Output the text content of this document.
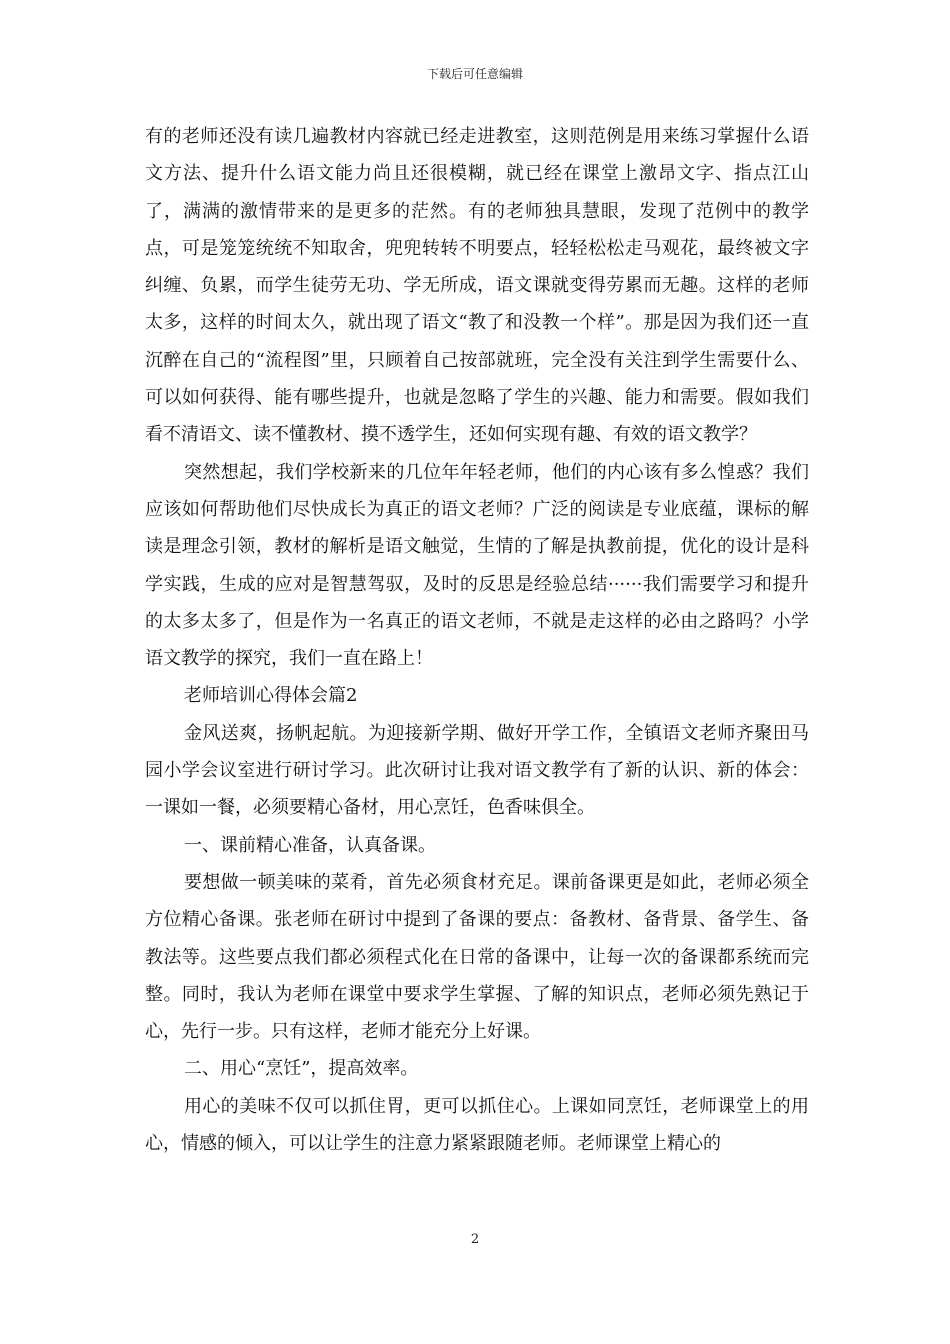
下载后可任意编辑

有的老师还没有读几遍教材内容就已经走进教室，这则范例是用来练习掌握什么语文方法、提升什么语文能力尚且还很模糊，就已经在课堂上激昂文字、指点江山了，满满的激情带来的是更多的茫然。有的老师独具慧眼，发现了范例中的教学点，可是笼笼统统不知取舍，兜兜转转不明要点，轻轻松松走马观花，最终被文字纠缠、负累，而学生徒劳无功、学无所成，语文课就变得劳累而无趣。这样的老师太多，这样的时间太久，就出现了语文“教了和没教一个样”。那是因为我们还一直沉醉在自己的“流程图”里，只顾着自己按部就班，完全没有关注到学生需要什么、可以如何获得、能有哪些提升，也就是忽略了学生的兴趣、能力和需要。假如我们看不清语文、读不懂教材、摸不透学生，还如何实现有趣、有效的语文教学？

突然想起，我们学校新来的几位年年轻老师，他们的内心该有多么惶惑？我们应该如何帮助他们尽快成长为真正的语文老师？广泛的阅读是专业底蕴，课标的解读是理念引领，教材的解析是语文触觉，生情的了解是执教前提，优化的设计是科学实践，生成的应对是智慧驾驭，及时的反思是经验总结······我们需要学习和提升的太多太多了，但是作为一名真正的语文老师，不就是走这样的必由之路吗？小学语文教学的探究，我们一直在路上！

老师培训心得体会篇2

金风送爽，扬帆起航。为迎接新学期、做好开学工作，全镇语文老师齐聚田马园小学会议室进行研讨学习。此次研讨让我对语文教学有了新的认识、新的体会：一课如一餐，必须要精心备材，用心烹饪，色香味俱全。

一、课前精心准备，认真备课。

要想做一顿美味的菜肴，首先必须食材充足。课前备课更是如此，老师必须全方位精心备课。张老师在研讨中提到了备课的要点：备教材、备背景、备学生、备教法等。这些要点我们都必须程式化在日常的备课中，让每一次的备课都系统而完整。同时，我认为老师在课堂中要求学生掌握、了解的知识点，老师必须先熟记于心，先行一步。只有这样，老师才能充分上好课。

二、用心“烹饪”，提高效率。

用心的美味不仅可以抓住胃，更可以抓住心。上课如同烹饪，老师课堂上的用心，情感的倾入，可以让学生的注意力紧紧跟随老师。老师课堂上精心的

2
